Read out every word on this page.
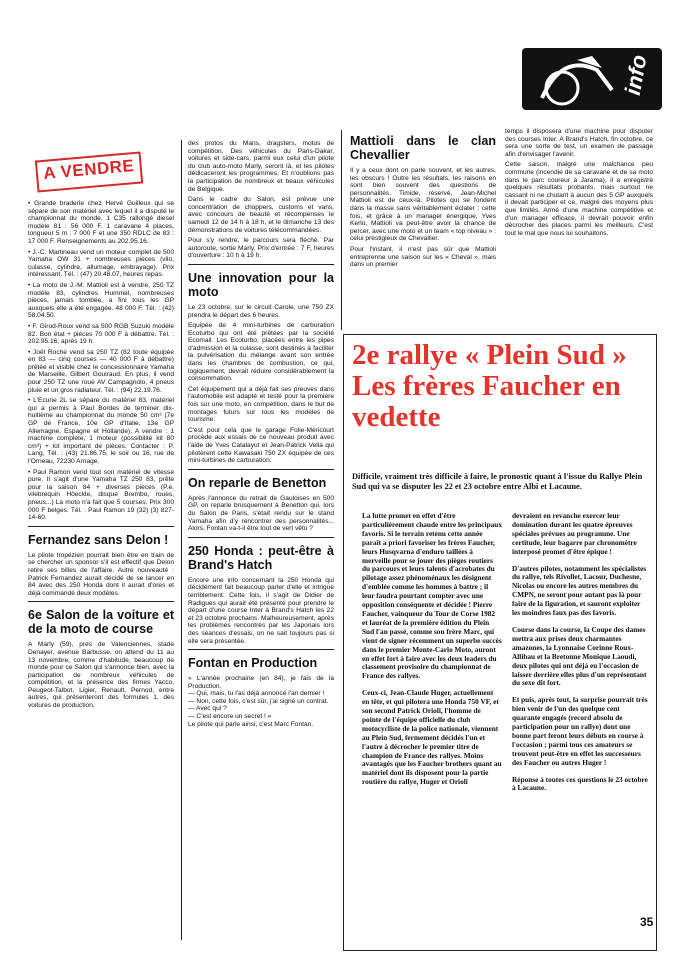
info
A VENDRE

• Grande braderie chez Hervé Guilleux qui se sépare de son matériel avec lequel il a disputé le championnat du monde. 1 C35 rallongé diesel modèle 81 : 56 000 F. 1 caravane 4 places, longueur 5 m : 7 000 F et une 350 RDLC de 83 : 17 000 F. Renseignements au 202.95.16.

• J.-C. Martineau vend un moteur complet de 500 Yamaha OW 31 + nombreuses pièces (vilo, culasse, cylindre, allumage, embrayage). Prix intéressant. Tél. : (47) 20.48.07, heures repas.

• La moto de J.-M. Mattioli est à vendre, 250 TZ modèle 83, cylindres Hummel, nombreuses pièces, jamais tombée, a fini tous les GP auxquels elle a été engagée. 48 000 F. Tél. : (42) 58.04.50.

• F. Girod-Roux vend sa 500 RGB Suzuki modèle 82. Bon état + pièces 70 000 F à débattre. Tél. : 202.95.16, après 19 h.

• Joël Roche vend sa 250 TZ (82 toute équipée en 83 — cinq courses — 40 000 F à débattre) prêtée et visible chez le concessionnaire Yamaha de Marseille, Gilbert Gouiraud. En plus, il vend pour 250 TZ une roue AV Campagnolo, 4 pneus pluie et un gros radiateur. Tél. : (94) 22.19.76.

• L'Ecurie 2L se sépare du matériel 83, matériel qui a permis à Paul Bordes de terminer dix-huitième au championnat du monde 50 cm³ (7e GP de France, 10e GP d'Italie, 13e GP Allemagne, Espagne et Hollande). A vendre : 1 machine complète, 1 moteur (possibilité kit 80 cm³) + lot important de pièces. Contacter : P. Lang, Tél. : (43) 21.86.75, le soir ou 16, rue de l'Orneau, 72230 Arnage.

• Paul Ramon vend tout son matériel de vitesse pure. Il s'agit d'une Yamaha TZ 250 83, prête pour la saison 84 + diverses pièces (P.e. vilebrequin Höeckle, disque Brembo, roues, pneus...) La moto n'a fait que 5 courses. Prix 300 000 F belges. Tél. : Paul Ramon 19 (32) (3) 827-14-60.

Fernandez sans Delon !

Le pilote tropézien pourrait bien être en train de se chercher un sponsor s'il est effectif que Delon retire ses billes de l'affaire. Autre nouveauté : Patrick Fernandez aurait décidé de se lancer en 84 avec des 250 Honda dont il aurait d'ores et déjà commandé deux modèles.

6e Salon de la voiture et de la moto de course

A Marly (59), près de Valenciennes, stade Denayer, avenue Barbusse, on attend du 11 au 13 novembre, comme d'habitude, beaucoup de monde pour ce Salon qui s'annonce bien, avec la participation de nombreux véhicules de compétition, et la présence des firmes Yacco, Peugeot-Talbot, Ligier, Renault, Pernod, entre autres, qui présenteront des formules 1, des voitures de production,

des protos du Mans, dragsters, motos de compétition. Des véhicules du Paris-Dakar, voitures et side-cars, parmi eux celui d'un pilote du club auto-moto Marly, seront là, et les pilotes dédicaceront les programmes. Et n'oublions pas la participation de nombreux et beaux véhicules de Belgique.

Dans le cadre du Salon, est prévue une concentration de choppers, customs et vans, avec concours de beauté et récompenses le samedi 12 de 14 h à 18 h, et le dimanche 13 des démonstrations de voitures télécommandées.

Pour s'y rendre, le parcours sera fléché. Par autoroute, sortie Marly. Prix d'entrée : 7 F, heures d'ouverture : 10 h à 19 h.

Une innovation pour la moto

Le 23 octobre, sur le circuit Carole, une 750 ZX prendra le départ des 6 heures.

Equipée de 4 mini-turbines de carburation Ecoturbo qui ont été prêtées par la société Ecomail. Les Ecoturbo, placées entre les pipes d'admission et la culasse, sont destinés à faciliter la pulvérisation du mélange avant son entrée dans les chambres de combustion, ce qui, logiquement, devrait réduire considérablement la consommation.

Cet équipement qui a déjà fait ses preuves dans l'automobile est adapté et testé pour la première fois sur une moto, en compétition, dans le but de montages futurs sur tous les modèles de tourisme.

C'est pour cela que le garage Folie-Méricourt procède aux essais de ce nouveau produit avec l'aide de Yves Catalayut et Jean-Patrick Vella qui pilotèrent cette Kawasaki 750 ZX équipée de ces mini-turbines de carburation.

On reparle de Benetton

Après l'annonce du retrait de Gauloises en 500 GP, on reparle brusquement à Benetton qui, lors du Salon de Paris, s'était rendu sur le stand Yamaha afin d'y rencontrer des personnalités... Alors, Fontan va-t-il être tout de vert vêtu ?

250 Honda : peut-être à Brand's Hatch

Encore une info concernant la 250 Honda qui décidément fait beaucoup parler d'elle et intrigue terriblement. Cette fois, il s'agit de Didier de Radigues qui aurait été présenté pour prendre le départ d'une course Inter à Brand's Hatch les 22 et 23 octobre prochains. Malheureusement, après les problèmes rencontrés par les Japonais lors des séances d'essais, on ne sait toujours pas si elle sera présentée.

Fontan en Production

« L'année prochaine (en 84), je fais de la Production.

— Qui, mais, tu l'as déjà annoncé l'an dernier !

— Non, cette fois, c'est sûr, j'ai signé un contrat.

— Avec qui ?

— C'est encore un secret ! »

Le pilote qui parle ainsi, c'est Marc Fontan.

Mattioli dans le clan Chevallier

Il y a ceux dont on parle souvent, et les autres, les obscurs ! Outre les résultats, les raisons en sont bien souvent des questions de personnalités. Timide, réservé, Jean-Michel Mattioli est de ceux-là. Pilotes qui se fondent dans la masse sans véritablement éclater : cette fois, et grâce à un manager énergique, Yves Kerlo, Mattioli va peut-être avoir la chance de percer, avec une moto et un team « top niveau » : celui prestigieux de Chevallier.

Pour l'instant, il n'est pas sûr que Mattioli entreprenne une saison sur les « Cheval », mais dans un premier

temps il disposera d'une machine pour disputer des courses Inter. A Brand's Hatch, fin octobre, ce sera une sorte de test, un examen de passage afin d'envisager l'avenir.

Cette saison, malgré une malchance peu commune (incendie de sa caravane et de sa moto dans le parc coureur à Jarama), il a enregistré quelques résultats probants, mais surtout ne cassant ni ne chutant à aucun des 5 GP auxquels il devait participer et ce, malgré des moyens plus que limités. Armé d'une machine compétitive et d'un manager efficace, il devrait pouvoir enfin décrocher des places parmi les meilleurs. C'est tout le mal que nous lui souhaitons.

2e rallye « Plein Sud » Les frères Faucher en vedette
Difficile, vraiment très difficile à faire, le pronostic quant à l'issue du Rallye Plein Sud qui va se disputer les 22 et 23 octobre entre Albi et Lacaune.

La lutte promet en effet d'être particulièrement chaude entre les principaux favoris. Si le terrain retenu cette année paraît a priori favoriser les frères Faucher, leurs Husqvarna d'enduro taillées à merveille pour se jouer des pièges routiers du parcours et leurs talents d'acrobates du pilotage assez phénoménaux les désignent d'emblée comme les hommes à battre ; il leur faudra pourtant compter avec une opposition conséquente et décidée ! Pierre Faucher, vainqueur du Tour de Corse 1982 et lauréat de la première édition du Plein Sud l'an passé, comme son frère Marc, qui vient de signer récemment un superbe succès dans le premier Monte-Carlo Moto, auront en effet fort à faire avec les deux leaders du classement provisoire du championnat de France des rallyes.

Ceux-ci, Jean-Claude Huger, actuellement en tête, et qui pilotera une Honda 750 VF, et son second Patrick Orioli, l'homme de pointe de l'équipe officielle du club motocycliste de la police nationale, viennent au Plein Sud, fermement décidés l'un et l'autre à décrocher le premier titre de champion de France des rallyes. Moins avantagés que les Faucher brothers quant au matériel dont ils disposent pour la partie routière du rallye, Huger et Orioli

devraient en revanche exercer leur domination durant les quatre épreuves spéciales prévues au programme. Une certitude, leur bagarre par chronomètre interposé promet d'être épique !

D'autres pilotes, notamment les spécialistes du rallye, tels Rivollet, Lacour, Duchesne, Nicolas ou encore les autres membres du CMPN, ne seront pour autant pas là pour faire de la figuration, et sauront exploiter les moindres faux pas des favoris.

Course dans la course, la Coupe des dames mettra aux prises deux charmantes amazones, la Lyonnaise Corinne Roux-Allibau et la Bretonne Monique Laoudi, deux pilotes qui ont déjà eu l'occasion de laisser derrière elles plus d'un représentant du sexe dit fort.

Et puis, après tout, la surprise pourrait très bien venir de l'un des quelque cent quarante engagés (record absolu de participation pour un rallye) dont une bonne part feront leurs débuts en course à l'occasion ; parmi tous ces amateurs se trouvent peut-être en effet les successeurs des Faucher ou autres Huger !

Réponse à toutes ces questions le 23 octobre à Lacaune.

35
